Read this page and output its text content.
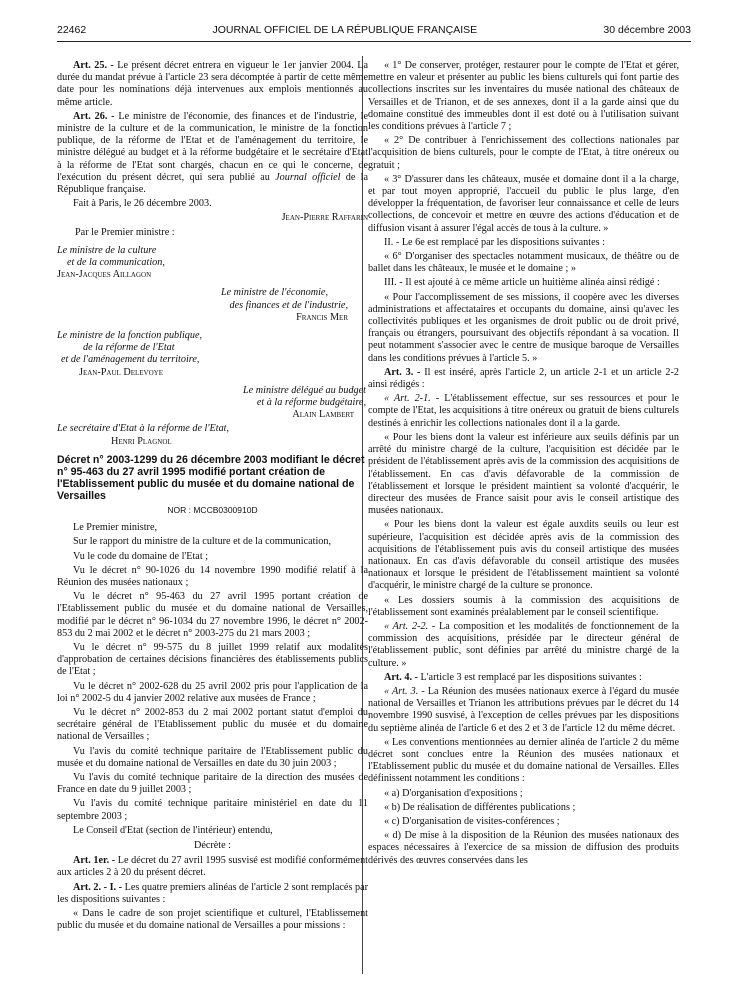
22462	JOURNAL OFFICIEL DE LA RÉPUBLIQUE FRANÇAISE	30 décembre 2003

Art. 25. - Le présent décret entrera en vigueur le 1er janvier 2004. La durée du mandat prévue à l'article 23 sera décomptée à partir de cette même date pour les nominations déjà intervenues aux emplois mentionnés au même article.

Art. 26. - Le ministre de l'économie, des finances et de l'industrie, le ministre de la culture et de la communication, le ministre de la fonction publique, de la réforme de l'Etat et de l'aménagement du territoire, le ministre délégué au budget et à la réforme budgétaire et le secrétaire d'Etat à la réforme de l'Etat sont chargés, chacun en ce qui le concerne, de l'exécution du présent décret, qui sera publié au Journal officiel de la République française.

Fait à Paris, le 26 décembre 2003.

Jean-Pierre Raffarin

Par le Premier ministre :

Le ministre de la culture

et de la communication,

Jean-Jacques Aillagon

Le ministre de l'économie,

des finances et de l'industrie,

Francis Mer

Le ministre de la fonction publique,

de la réforme de l'Etat

et de l'aménagement du territoire,

Jean-Paul Delevoye

Le ministre délégué au budget

et à la réforme budgétaire,

Alain Lambert

Le secrétaire d'Etat à la réforme de l'Etat,

Henri Plagnol

Décret n° 2003-1299 du 26 décembre 2003 modifiant le décret n° 95-463 du 27 avril 1995 modifié portant création de l'Etablissement public du musée et du domaine national de Versailles
NOR : MCCB0300910D

Le Premier ministre,

Sur le rapport du ministre de la culture et de la communication,

Vu le code du domaine de l'Etat ;

Vu le décret n° 90-1026 du 14 novembre 1990 modifié relatif à la Réunion des musées nationaux ;

Vu le décret n° 95-463 du 27 avril 1995 portant création de l'Etablissement public du musée et du domaine national de Versailles, modifié par le décret n° 96-1034 du 27 novembre 1996, le décret n° 2002-853 du 2 mai 2002 et le décret n° 2003-275 du 21 mars 2003 ;

Vu le décret n° 99-575 du 8 juillet 1999 relatif aux modalités d'approbation de certaines décisions financières des établissements publics de l'Etat ;

Vu le décret n° 2002-628 du 25 avril 2002 pris pour l'application de la loi n° 2002-5 du 4 janvier 2002 relative aux musées de France ;

Vu le décret n° 2002-853 du 2 mai 2002 portant statut d'emploi du secrétaire général de l'Etablissement public du musée et du domaine national de Versailles ;

Vu l'avis du comité technique paritaire de l'Etablissement public du musée et du domaine national de Versailles en date du 30 juin 2003 ;

Vu l'avis du comité technique paritaire de la direction des musées de France en date du 9 juillet 2003 ;

Vu l'avis du comité technique paritaire ministériel en date du 11 septembre 2003 ;

Le Conseil d'Etat (section de l'intérieur) entendu,

Décrète :

Art. 1er. - Le décret du 27 avril 1995 susvisé est modifié conformément aux articles 2 à 20 du présent décret.

Art. 2. - I. - Les quatre premiers alinéas de l'article 2 sont remplacés par les dispositions suivantes :

« Dans le cadre de son projet scientifique et culturel, l'Etablissement public du musée et du domaine national de Versailles a pour missions :

« 1° De conserver, protéger, restaurer pour le compte de l'Etat et gérer, mettre en valeur et présenter au public les biens culturels qui font partie des collections inscrites sur les inventaires du musée national des châteaux de Versailles et de Trianon, et de ses annexes, dont il a la garde ainsi que du domaine constitué des immeubles dont il est doté ou à l'utilisation suivant les conditions prévues à l'article 7 ;

« 2° De contribuer à l'enrichissement des collections nationales par l'acquisition de biens culturels, pour le compte de l'Etat, à titre onéreux ou gratuit ;

« 3° D'assurer dans les châteaux, musée et domaine dont il a la charge, et par tout moyen approprié, l'accueil du public le plus large, d'en développer la fréquentation, de favoriser leur connaissance et celle de leurs collections, de concevoir et mettre en œuvre des actions d'éducation et de diffusion visant à assurer l'égal accès de tous à la culture. »

II. - Le 6e est remplacé par les dispositions suivantes :

« 6° D'organiser des spectacles notamment musicaux, de théâtre ou de ballet dans les châteaux, le musée et le domaine ; »

III. - Il est ajouté à ce même article un huitième alinéa ainsi rédigé :

« Pour l'accomplissement de ses missions, il coopère avec les diverses administrations et affectataires et occupants du domaine, ainsi qu'avec les collectivités publiques et les organismes de droit public ou de droit privé, français ou étrangers, poursuivant des objectifs répondant à sa vocation. Il peut notamment s'associer avec le centre de musique baroque de Versailles dans les conditions prévues à l'article 5. »

Art. 3. - Il est inséré, après l'article 2, un article 2-1 et un article 2-2 ainsi rédigés :

« Art. 2-1. - L'établissement effectue, sur ses ressources et pour le compte de l'Etat, les acquisitions à titre onéreux ou gratuit de biens culturels destinés à enrichir les collections nationales dont il a la garde.

« Pour les biens dont la valeur est inférieure aux seuils définis par un arrêté du ministre chargé de la culture, l'acquisition est décidée par le président de l'établissement après avis de la commission des acquisitions de l'établissement. En cas d'avis défavorable de la commission de l'établissement et lorsque le président maintient sa volonté d'acquérir, le directeur des musées de France saisit pour avis le conseil artistique des musées nationaux.

« Pour les biens dont la valeur est égale auxdits seuils ou leur est supérieure, l'acquisition est décidée après avis de la commission des acquisitions de l'établissement puis avis du conseil artistique des musées nationaux. En cas d'avis défavorable du conseil artistique des musées nationaux et lorsque le président de l'établissement maintient sa volonté d'acquérir, le ministre chargé de la culture se prononce.

« Les dossiers soumis à la commission des acquisitions de l'établissement sont examinés préalablement par le conseil scientifique.

« Art. 2-2. - La composition et les modalités de fonctionnement de la commission des acquisitions, présidée par le directeur général de l'établissement public, sont définies par arrêté du ministre chargé de la culture. »

Art. 4. - L'article 3 est remplacé par les dispositions suivantes :

« Art. 3. - La Réunion des musées nationaux exerce à l'égard du musée national de Versailles et Trianon les attributions prévues par le décret du 14 novembre 1990 susvisé, à l'exception de celles prévues par les dispositions du septième alinéa de l'article 6 et des 2 et 3 de l'article 12 du même décret.

« Les conventions mentionnées au dernier alinéa de l'article 2 du même décret sont conclues entre la Réunion des musées nationaux et l'Etablissement public du musée et du domaine national de Versailles. Elles définissent notamment les conditions :

« a) D'organisation d'expositions ;

« b) De réalisation de différentes publications ;

« c) D'organisation de visites-conférences ;

« d) De mise à la disposition de la Réunion des musées nationaux des espaces nécessaires à l'exercice de sa mission de diffusion des produits dérivés des œuvres conservées dans les
